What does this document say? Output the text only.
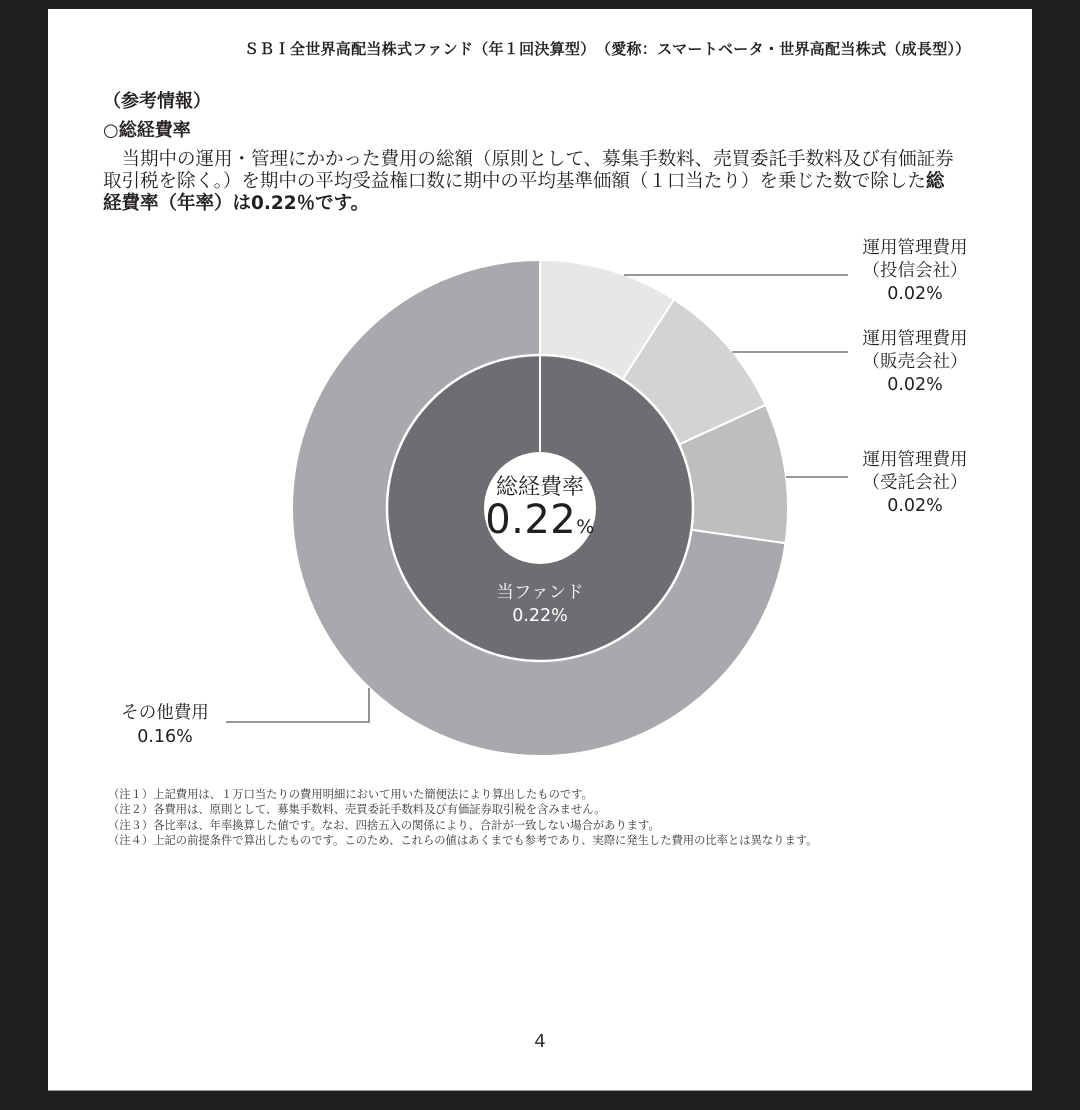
ＳＢＩ全世界高配当株式ファンド（年１回決算型）　（愛称：スマートベータ・世界高配当株式（成長型））
（参考情報）
○総経費率
　当期中の運用・管理にかかった費用の総額（原則として、募集手数料、売買委託手数料及び有価証券
取引税を除く。）を期中の平均受益権口数に期中の平均基準価額（１口当たり）を乗じた数で除した総
経費率（年率）は0.22％です。
運用管理費用
（投信会社）
0.02%
運用管理費用
（販売会社）
0.02%
運用管理費用
（受託会社）
0.02%
その他費用
0.16%
総経費率
0.22%
当ファンド
0.22%
（注１）上記費用は、１万口当たりの費用明細において用いた簡便法により算出したものです。
（注２）各費用は、原則として、募集手数料、売買委託手数料及び有価証券取引税を含みません。
（注３）各比率は、年率換算した値です。なお、四捨五入の関係により、合計が一致しない場合があります。
（注４）上記の前提条件で算出したものです。このため、これらの値はあくまでも参考であり、実際に発生した費用の比率とは異なります。
4
